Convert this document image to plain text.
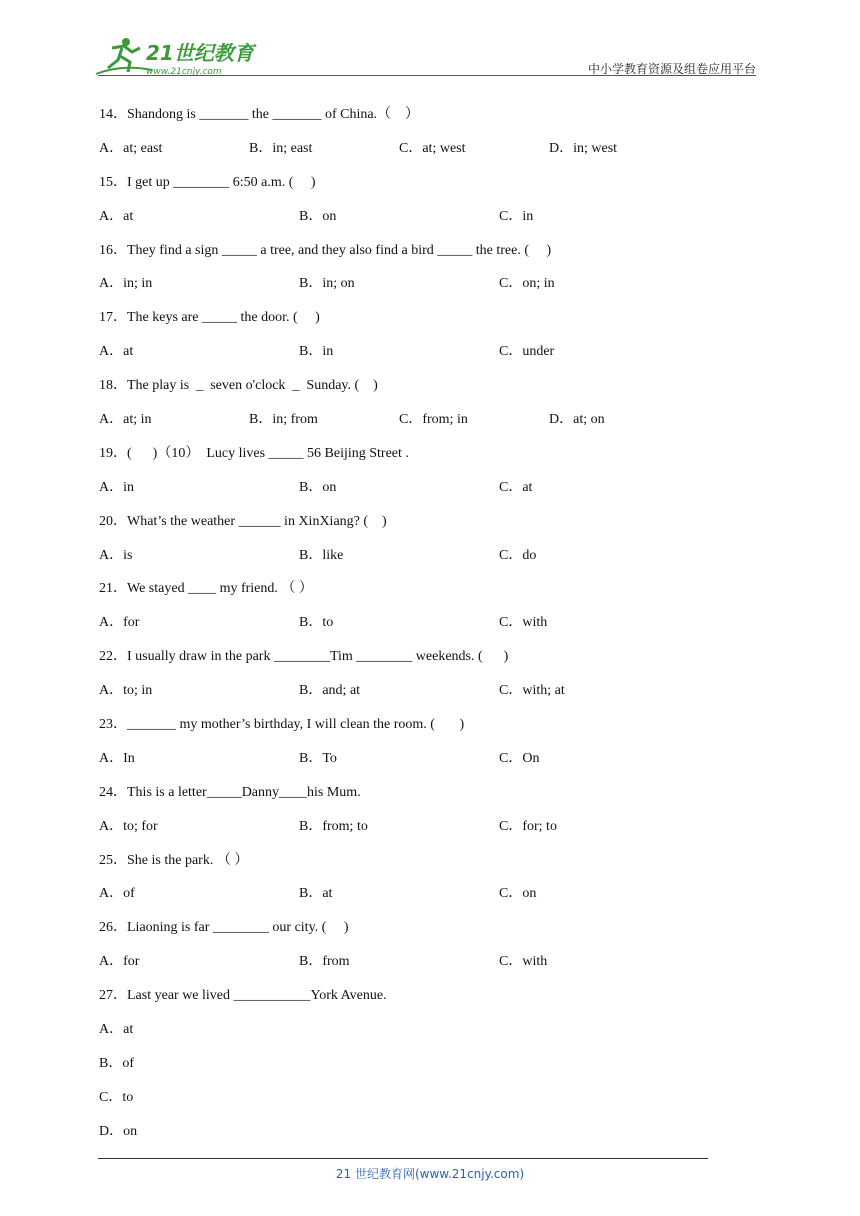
21世纪教育
www.21cnjy.com	中小学教育资源及组卷应用平台
14．Shandong is _______ the _______ of China.（　）
A．at; east	B．in; east	C．at; west	D．in; west
15．I get up ________ 6:50 a.m. (     )
A．at	B．on	C．in
16．They find a sign _____ a tree, and they also find a bird _____ the tree. (     )
A．in; in	B．in; on	C．on; in
17．The keys are _____ the door. (     )
A．at	B．in	C．under
18．The play is  _  seven o'clock  _  Sunday. (    )
A．at; in	B．in; from	C．from; in	D．at; on
19．(      )（10）  Lucy lives _____ 56 Beijing Street .
A．in	B．on	C．at
20．What’s the weather ______ in XinXiang? (    )
A．is	B．like	C．do
21．We stayed ____ my friend. （ ）
A．for	B．to	C．with
22．I usually draw in the park ________Tim ________ weekends. (      )
A．to; in	B．and; at	C．with; at
23．_______ my mother’s birthday, I will clean the room. (       )
A．In	B．To	C．On
24．This is a letter_____Danny____his Mum.
A．to; for	B．from; to	C．for; to
25．She is the park. （ ）
A．of	B．at	C．on
26．Liaoning is far ________ our city. (     )
A．for	B．from	C．with
27．Last year we lived ___________York Avenue.
A．at
B．of
C．to
D．on
21 世纪教育网(www.21cnjy.com)
